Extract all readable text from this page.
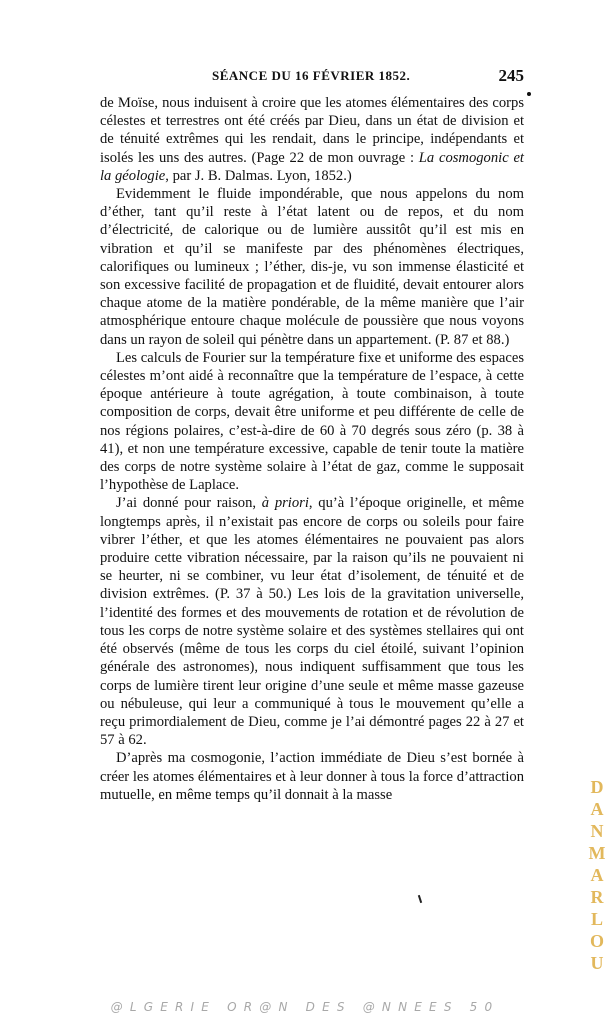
SÉANCE DU 16 FÉVRIER 1852.	245

de Moïse, nous induisent à croire que les atomes élémentaires des corps célestes et terrestres ont été créés par Dieu, dans un état de division et de ténuité extrêmes qui les rendait, dans le principe, indépendants et isolés les uns des autres. (Page 22 de mon ouvrage : La cosmogonic et la géologie, par J. B. Dalmas. Lyon, 1852.)

Evidemment le fluide impondérable, que nous appelons du nom d’éther, tant qu’il reste à l’état latent ou de repos, et du nom d’électricité, de calorique ou de lumière aussitôt qu’il est mis en vibration et qu’il se manifeste par des phénomènes électriques, calorifiques ou lumineux ; l’éther, dis-je, vu son immense élasticité et son excessive facilité de propagation et de fluidité, devait entourer alors chaque atome de la matière pondérable, de la même manière que l’air atmosphérique entoure chaque molécule de poussière que nous voyons dans un rayon de soleil qui pénètre dans un appartement. (P. 87 et 88.)

Les calculs de Fourier sur la température fixe et uniforme des espaces célestes m’ont aidé à reconnaître que la température de l’espace, à cette époque antérieure à toute agrégation, à toute combinaison, à toute composition de corps, devait être uniforme et peu différente de celle de nos régions polaires, c’est-à-dire de 60 à 70 degrés sous zéro (p. 38 à 41), et non une température excessive, capable de tenir toute la matière des corps de notre système solaire à l’état de gaz, comme le supposait l’hypothèse de Laplace.

J’ai donné pour raison, à priori, qu’à l’époque originelle, et même longtemps après, il n’existait pas encore de corps ou soleils pour faire vibrer l’éther, et que les atomes élémentaires ne pouvaient pas alors produire cette vibration nécessaire, par la raison qu’ils ne pouvaient ni se heurter, ni se combiner, vu leur état d’isolement, de ténuité et de division extrêmes. (P. 37 à 50.) Les lois de la gravitation universelle, l’identité des formes et des mouvements de rotation et de révolution de tous les corps de notre système solaire et des systèmes stellaires qui ont été observés (même de tous les corps du ciel étoilé, suivant l’opinion générale des astronomes), nous indiquent suffisamment que tous les corps de lumière tirent leur origine d’une seule et même masse gazeuse ou nébuleuse, qui leur a communiqué à tous le mouvement qu’elle a reçu primordialement de Dieu, comme je l’ai démontré pages 22 à 27 et 57 à 62.

D’après ma cosmogonie, l’action immédiate de Dieu s’est bornée à créer les atomes élémentaires et à leur donner à tous la force d’attraction mutuelle, en même temps qu’il donnait à la masse	DANMARLOU
@LGERIE OR@N DES @NNEES 50
